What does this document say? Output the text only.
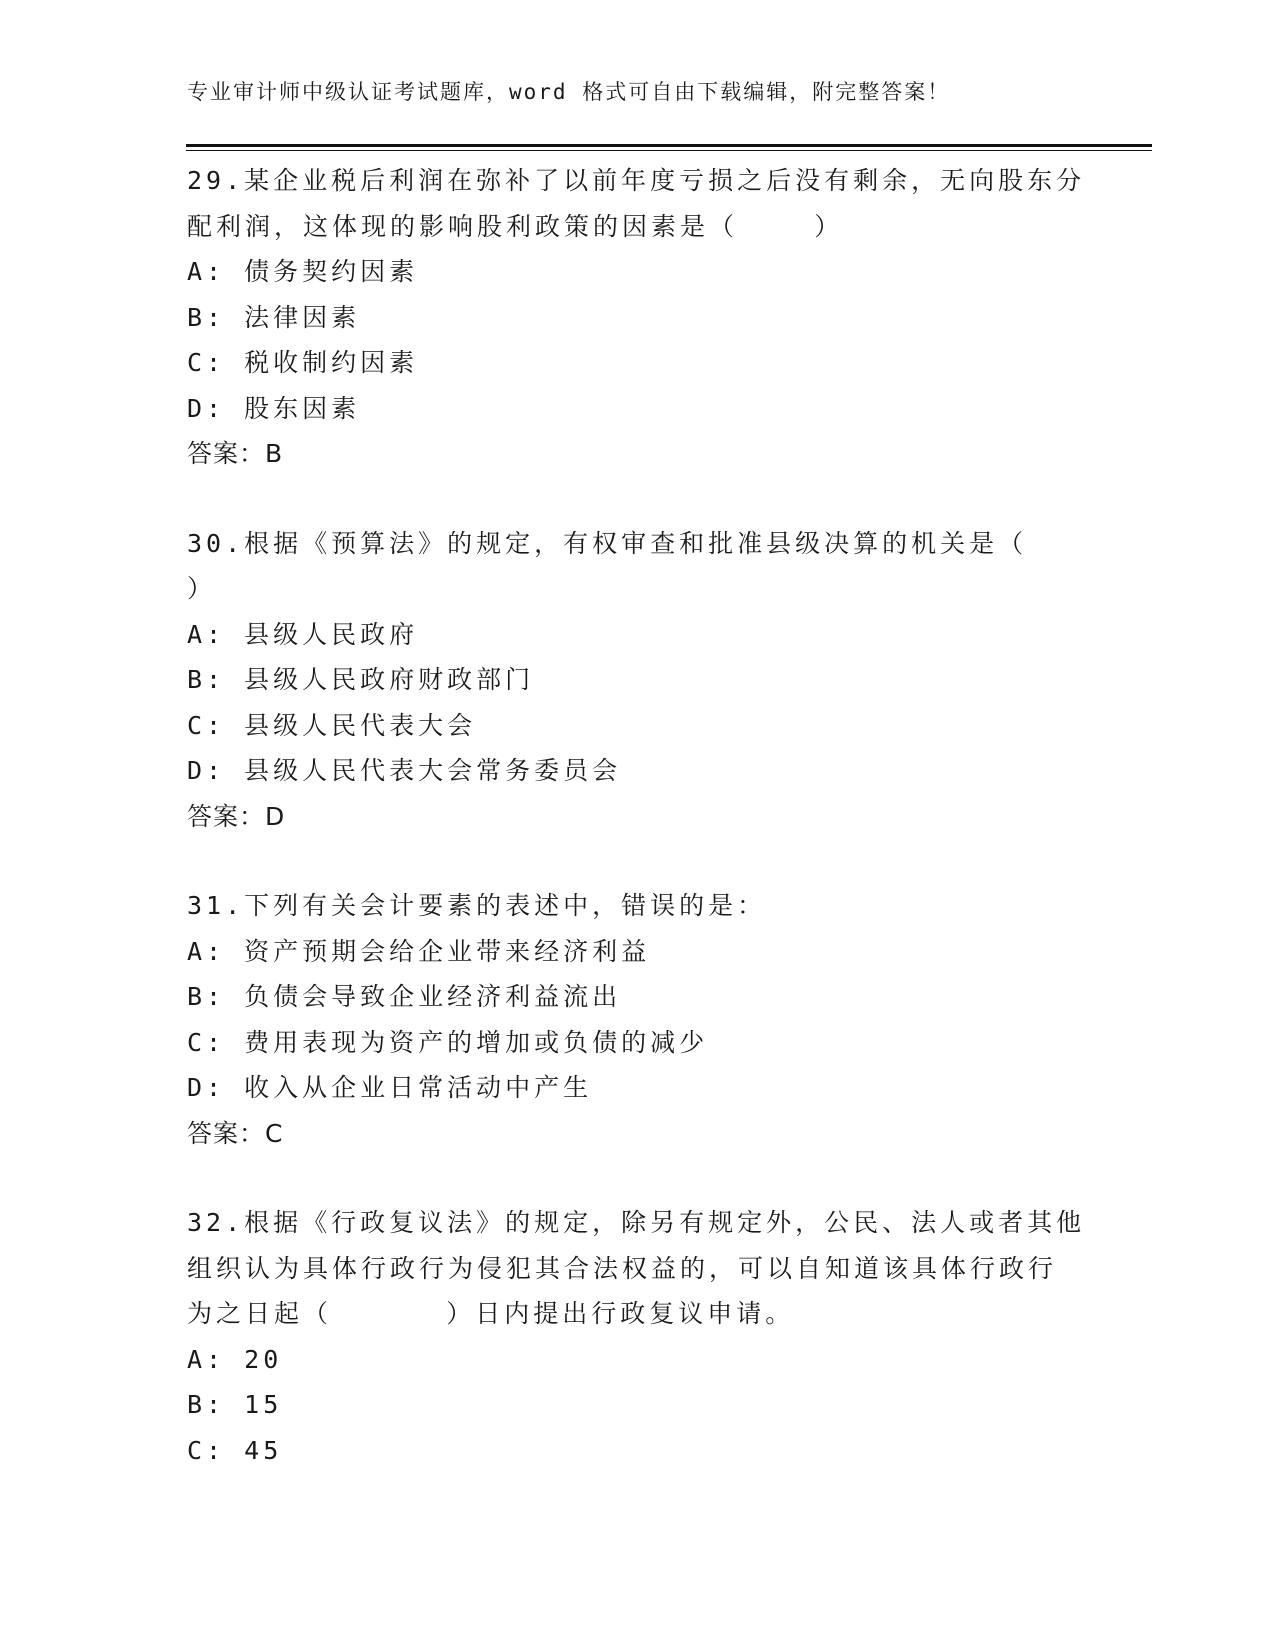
专业审计师中级认证考试题库，word 格式可自由下载编辑，附完整答案！
29.某企业税后利润在弥补了以前年度亏损之后没有剩余，无向股东分
配利润，这体现的影响股利政策的因素是（    ）
A: 债务契约因素
B: 法律因素
C: 税收制约因素
D: 股东因素
答案：B
30.根据《预算法》的规定，有权审查和批准县级决算的机关是（
）
A: 县级人民政府
B: 县级人民政府财政部门
C: 县级人民代表大会
D: 县级人民代表大会常务委员会
答案：D
31.下列有关会计要素的表述中，错误的是：
A: 资产预期会给企业带来经济利益
B: 负债会导致企业经济利益流出
C: 费用表现为资产的增加或负债的减少
D: 收入从企业日常活动中产生
答案：C
32.根据《行政复议法》的规定，除另有规定外，公民、法人或者其他
组织认为具体行政行为侵犯其合法权益的，可以自知道该具体行政行
为之日起（      ）日内提出行政复议申请。
A: 20
B: 15
C: 45
